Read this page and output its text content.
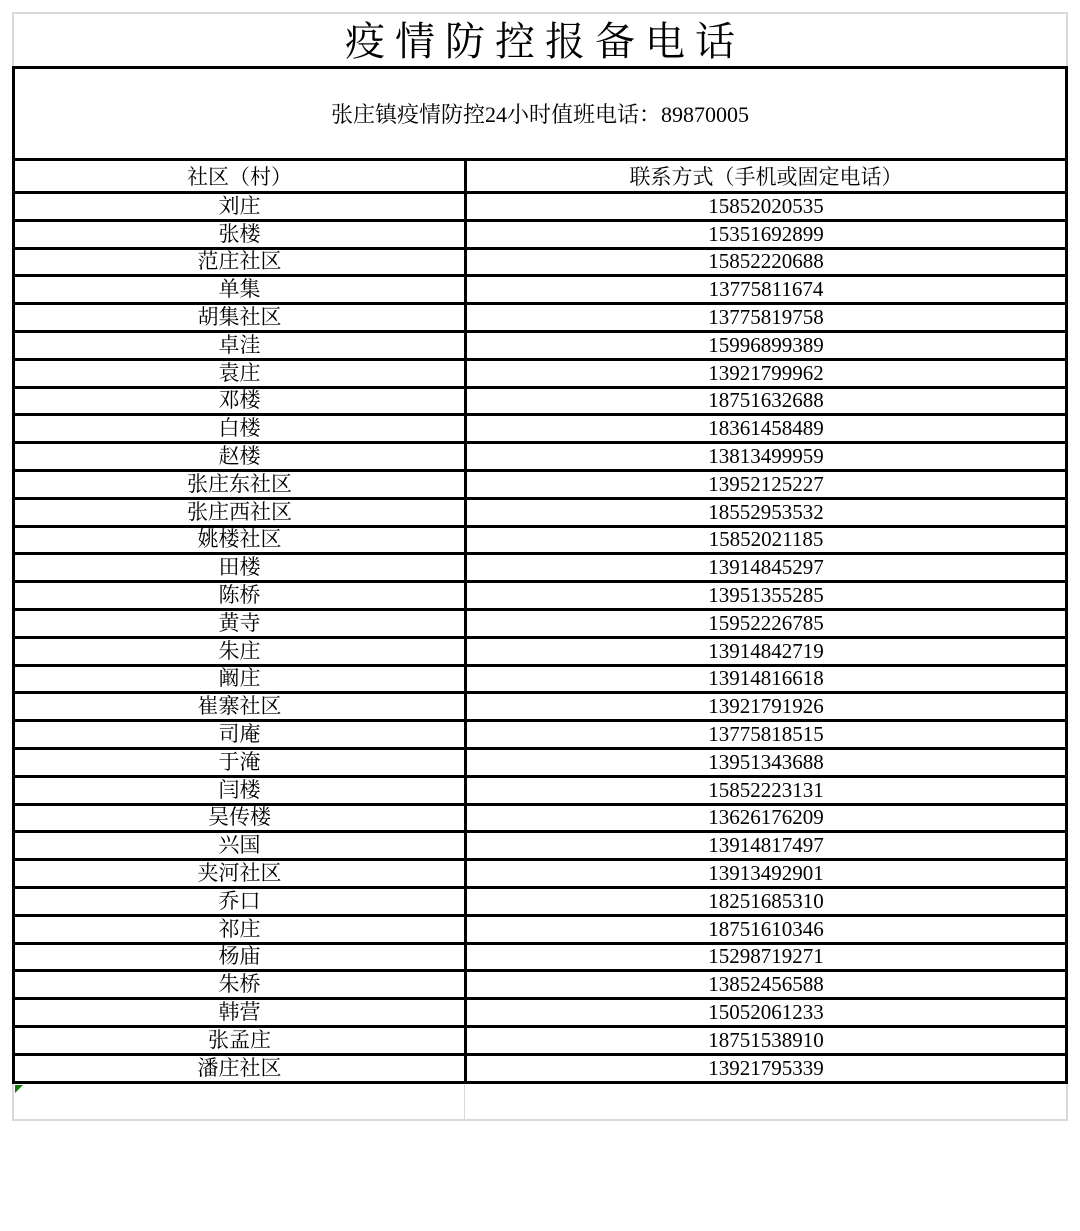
疫情防控报备电话
张庄镇疫情防控24小时值班电话：89870005	
社区（村）	联系方式（手机或固定电话）
刘庄	15852020535
张楼	15351692899
范庄社区	15852220688
单集	13775811674
胡集社区	13775819758
卓洼	15996899389
袁庄	13921799962
邓楼	18751632688
白楼	18361458489
赵楼	13813499959
张庄东社区	13952125227
张庄西社区	18552953532
姚楼社区	15852021185
田楼	13914845297
陈桥	13951355285
黄寺	15952226785
朱庄	13914842719
阚庄	13914816618
崔寨社区	13921791926
司庵	13775818515
于淹	13951343688
闫楼	15852223131
吴传楼	13626176209
兴国	13914817497
夹河社区	13913492901
乔口	18251685310
祁庄	18751610346
杨庙	15298719271
朱桥	13852456588
韩营	15052061233
张孟庄	18751538910
潘庄社区	13921795339
